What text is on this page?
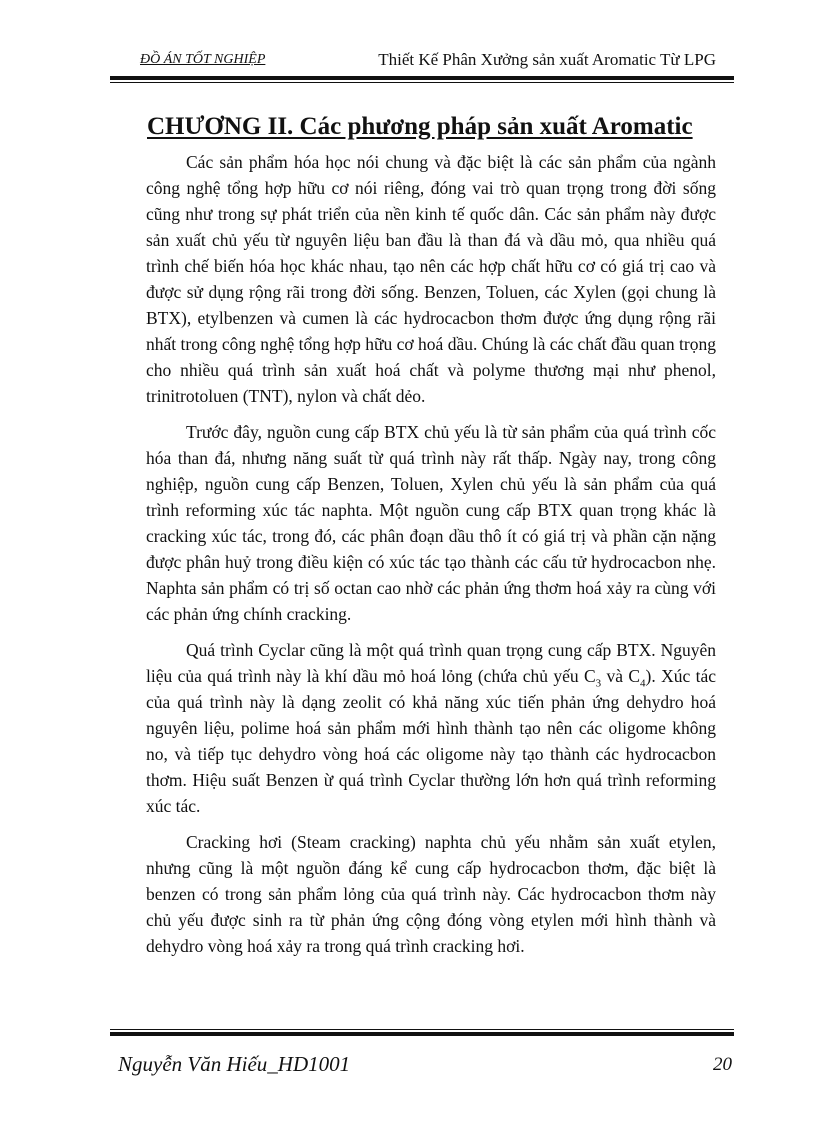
ĐỒ ÁN TỐT NGHIỆP	Thiết Kế Phân Xưởng sản xuất Aromatic Từ LPG
CHƯƠNG II. Các phương pháp sản xuất Aromatic

Các sản phẩm hóa học nói chung và đặc biệt là các sản phẩm của ngành công nghệ tổng hợp hữu cơ nói riêng, đóng vai trò quan trọng trong đời sống cũng như trong sự phát triển của nền kinh tế quốc dân. Các sản phẩm này được sản xuất chủ yếu từ nguyên liệu ban đầu là than đá và dầu mỏ, qua nhiều quá trình chế biến hóa học khác nhau, tạo nên các hợp chất hữu cơ có giá trị cao và được sử dụng rộng rãi trong đời sống. Benzen, Toluen, các Xylen (gọi chung là BTX), etylbenzen và cumen là các hydrocacbon thơm được ứng dụng rộng rãi nhất trong công nghệ tổng hợp hữu cơ hoá dầu. Chúng là các chất đầu quan trọng cho nhiều quá trình sản xuất hoá chất và polyme thương mại như phenol, trinitrotoluen (TNT), nylon và chất dẻo.

Trước đây, nguồn cung cấp BTX chủ yếu là từ sản phẩm của quá trình cốc hóa than đá, nhưng năng suất từ quá trình này rất thấp. Ngày nay, trong công nghiệp, nguồn cung cấp Benzen, Toluen, Xylen chủ yếu là sản phẩm của quá trình reforming xúc tác naphta. Một nguồn cung cấp BTX quan trọng khác là cracking xúc tác, trong đó, các phân đoạn dầu thô ít có giá trị và phần cặn nặng được phân huỷ trong điều kiện có xúc tác tạo thành các cấu tử hydrocacbon nhẹ. Naphta sản phẩm có trị số octan cao nhờ các phản ứng thơm hoá xảy ra cùng với các phản ứng chính cracking.

Quá trình Cyclar cũng là một quá trình quan trọng cung cấp BTX. Nguyên liệu của quá trình này là khí dầu mỏ hoá lỏng (chứa chủ yếu $C_3$ và $C_4$). Xúc tác của quá trình này là dạng zeolit có khả năng xúc tiến phản ứng dehydro hoá nguyên liệu, polime hoá sản phẩm mới hình thành tạo nên các oligome không no, và tiếp tục dehydro vòng hoá các oligome này tạo thành các hydrocacbon thơm. Hiệu suất Benzen ừ quá trình Cyclar thường lớn hơn quá trình reforming xúc tác.

Cracking hơi (Steam cracking) naphta chủ yếu nhằm sản xuất etylen, nhưng cũng là một nguồn đáng kể cung cấp hydrocacbon thơm, đặc biệt là benzen có trong sản phẩm lỏng của quá trình này. Các hydrocacbon thơm này chủ yếu được sinh ra từ phản ứng cộng đóng vòng etylen mới hình thành và dehydro vòng hoá xảy ra trong quá trình cracking hơi.

Nguyễn Văn Hiếu_HD1001	20
